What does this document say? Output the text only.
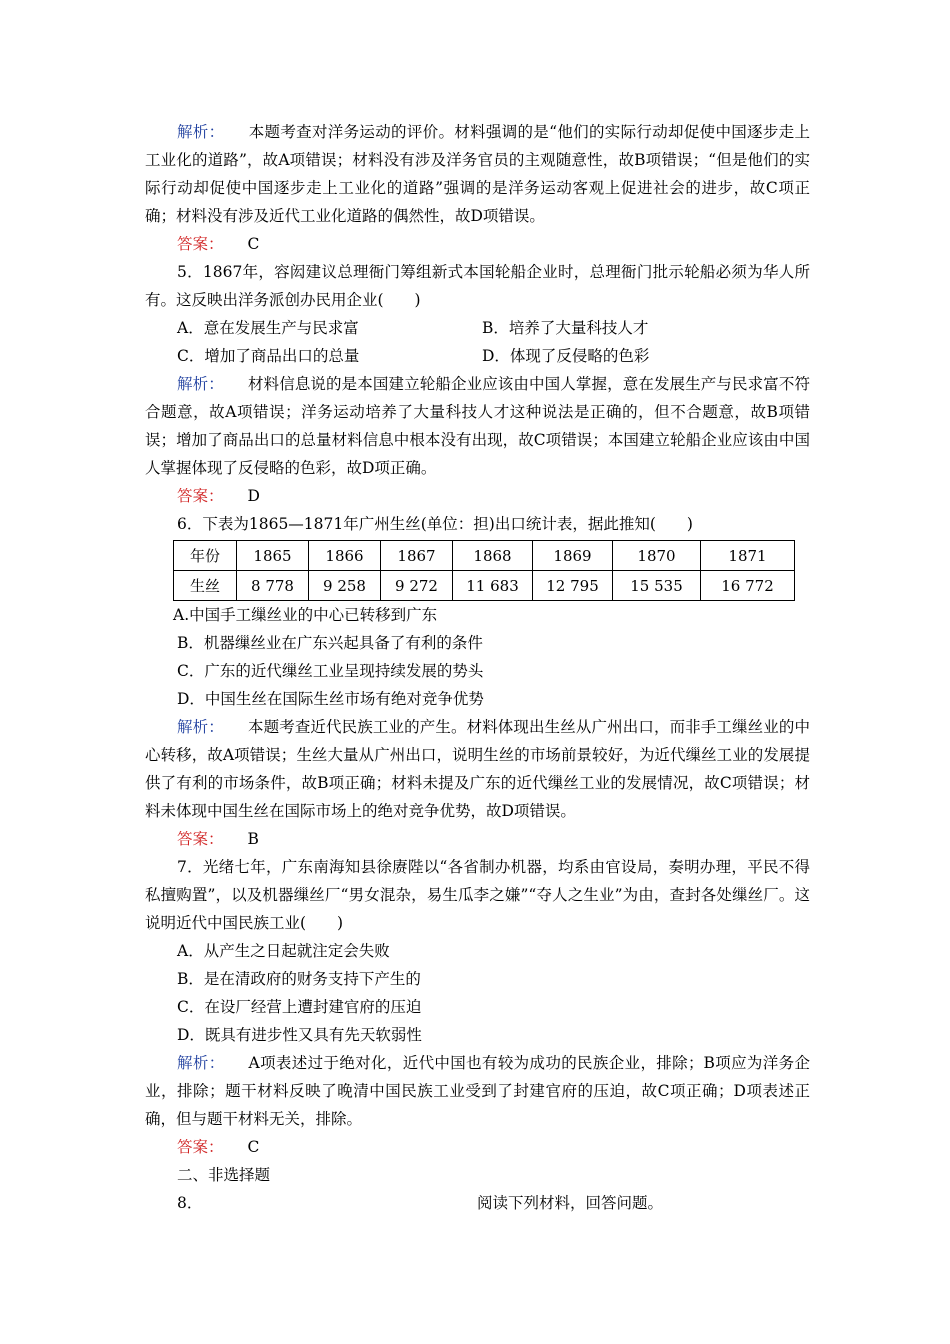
解析： 本题考查对洋务运动的评价。材料强调的是“他们的实际行动却促使中国逐步走上工业化的道路”，故A项错误；材料没有涉及洋务官员的主观随意性，故B项错误；“但是他们的实际行动却促使中国逐步走上工业化的道路”强调的是洋务运动客观上促进社会的进步，故C项正确；材料没有涉及近代工业化道路的偶然性，故D项错误。

答案： C

5．1867年，容闳建议总理衙门筹组新式本国轮船企业时，总理衙门批示轮船必须为华人所有。这反映出洋务派创办民用企业(　　)

A．意在发展生产与民求富	B．培养了大量科技人才
C．增加了商品出口的总量	D．体现了反侵略的色彩

解析： 材料信息说的是本国建立轮船企业应该由中国人掌握，意在发展生产与民求富不符合题意，故A项错误；洋务运动培养了大量科技人才这种说法是正确的，但不合题意，故B项错误；增加了商品出口的总量材料信息中根本没有出现，故C项错误；本国建立轮船企业应该由中国人掌握体现了反侵略的色彩，故D项正确。

答案： D

6．下表为1865—1871年广州生丝(单位：担)出口统计表，据此推知(　　)

年份	1865	1866	1867	1868	1869	1870	1871
生丝	8 778	9 258	9 272	11 683	12 795	15 535	16 772

A.中国手工缫丝业的中心已转移到广东

B．机器缫丝业在广东兴起具备了有利的条件

C．广东的近代缫丝工业呈现持续发展的势头

D．中国生丝在国际生丝市场有绝对竞争优势

解析： 本题考查近代民族工业的产生。材料体现出生丝从广州出口，而非手工缫丝业的中心转移，故A项错误；生丝大量从广州出口，说明生丝的市场前景较好，为近代缫丝工业的发展提供了有利的市场条件，故B项正确；材料未提及广东的近代缫丝工业的发展情况，故C项错误；材料未体现中国生丝在国际市场上的绝对竞争优势，故D项错误。

答案： B

7．光绪七年，广东南海知县徐赓陛以“各省制办机器，均系由官设局，奏明办理，平民不得私擅购置”，以及机器缫丝厂“男女混杂，易生瓜李之嫌”“夺人之生业”为由，查封各处缫丝厂。这说明近代中国民族工业(　　)

A．从产生之日起就注定会失败

B．是在清政府的财务支持下产生的

C．在设厂经营上遭封建官府的压迫

D．既具有进步性又具有先天软弱性

解析： A项表述过于绝对化，近代中国也有较为成功的民族企业，排除；B项应为洋务企业，排除；题干材料反映了晚清中国民族工业受到了封建官府的压迫，故C项正确；D项表述正确，但与题干材料无关，排除。

答案： C

二、非选择题
8．	阅读下列材料，回答问题。
